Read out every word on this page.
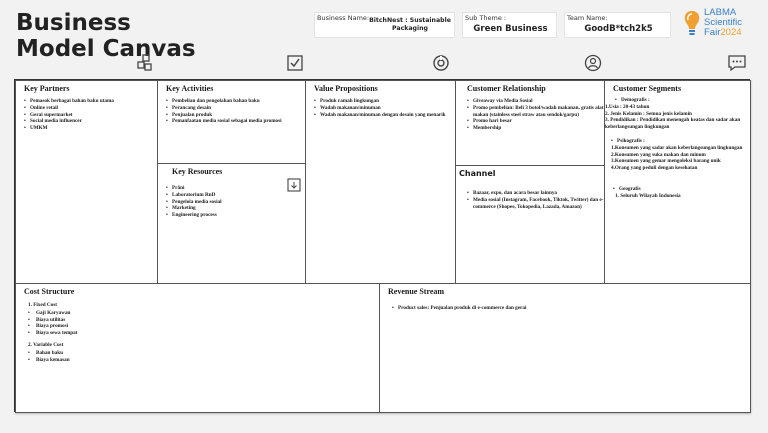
Business Model Canvas
Business Name: BitchNest : Sustainable Packaging
Sub Theme :
Green Business
Team Name:
GoodB*tch2k5
LABMA
Scientific
Fair2024
Key Partners
• Pemasok berbagai bahan baku utama
• Online retail
• Gerai supermarket
• Social media influencer
• UMKM
Key Activities
• Pembelian dan pengolahan bahan baku
• Perancang desain
• Penjualan produk
• Pemanfaatan media sosial sebagai media promosi
Key Resources
• Pråni
• Laboratorium RnD
• Pengelola media sosial
• Marketing
• Engineering process
Value Propositions
• Produk ramah lingkungan
• Wadah makanan/minuman
• Wadah makanan/minuman dengan desain yang menarik
Customer Relationship
• Giveaway via Media Sosial
• Promo pembelian: Beli 3 botol/wadah makanan, gratis alat makan (stainless steel straw atau sendok/garpu)
• Promo hari besar
• Membership
Channel
• Bazaar, expo, dan acara besar lainnya
• Media sosial (Instagram, Facebook, Tiktok, Twitter) dan e-commerce (Shopee, Tokopedia, Lazada, Amazon)
Customer Segments
• Demografis :
1.Usia : 20-43 tahun
2. Jenis Kelamin : Semua jenis kelamin
3. Pendidikan : Pendidikan menengah keatas dan sadar akan keberlangsungan lingkungan
• Psikografis :
1.Konsumen yang sadar akan keberlangsungan lingkungan
2.Konsumen yang suka makan dan minum
3.Konsumen yang gemar mengoleksi barang unik
4.Orang yang peduli dengan kesehatan
• Geografis
1. Seluruh Wilayah Indonesia
Cost Structure
1. Fixed Cost
• Gaji Karyawan
• Biaya utilitas
• Biaya promosi
• Biaya sewa tempat
2. Variable Cost
• Bahan baku
• Biaya kemasan
Revenue Stream
• Product sales: Penjualan produk di e-commerce dan gerai
